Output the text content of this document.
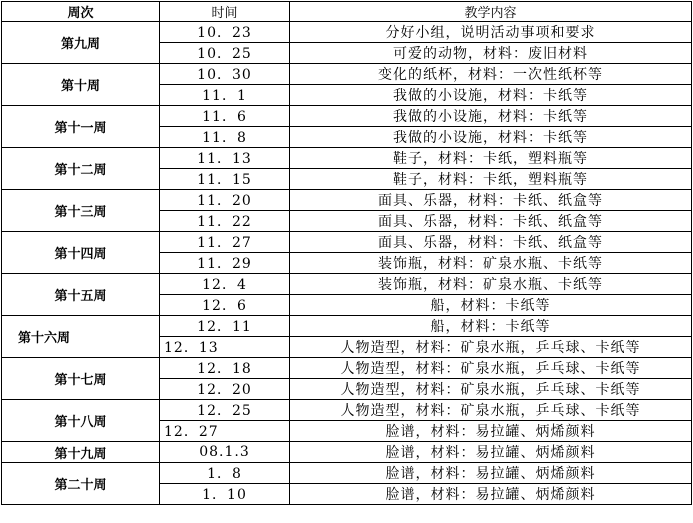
周次	时间	教学内容
第九周	10．23	分好小组，说明活动事项和要求
	10．25	可爱的动物，材料：废旧材料
第十周	10．30	变化的纸杯，材料：一次性纸杯等
	11．1	我做的小设施，材料：卡纸等
第十一周	11．6	我做的小设施，材料：卡纸等
	11．8	我做的小设施，材料：卡纸等
第十二周	11．13	鞋子，材料：卡纸，塑料瓶等
	11．15	鞋子，材料：卡纸，塑料瓶等
第十三周	11．20	面具、乐器，材料：卡纸、纸盒等
	11．22	面具、乐器，材料：卡纸、纸盒等
第十四周	11．27	面具、乐器，材料：卡纸、纸盒等
	11．29	装饰瓶，材料：矿泉水瓶、卡纸等
第十五周	12．4	装饰瓶，材料：矿泉水瓶、卡纸等
	12．6	船，材料：卡纸等
第十六周	12．11	船，材料：卡纸等
	12．13	人物造型，材料：矿泉水瓶，乒乓球、卡纸等
第十七周	12．18	人物造型，材料：矿泉水瓶，乒乓球、卡纸等
	12．20	人物造型，材料：矿泉水瓶，乒乓球、卡纸等
第十八周	12．25	人物造型，材料：矿泉水瓶，乒乓球、卡纸等
	12．27	脸谱，材料：易拉罐、炳烯颜料
第十九周	08.1.3	脸谱，材料：易拉罐、炳烯颜料
第二十周	1．8	脸谱，材料：易拉罐、炳烯颜料
	1．10	脸谱，材料：易拉罐、炳烯颜料
